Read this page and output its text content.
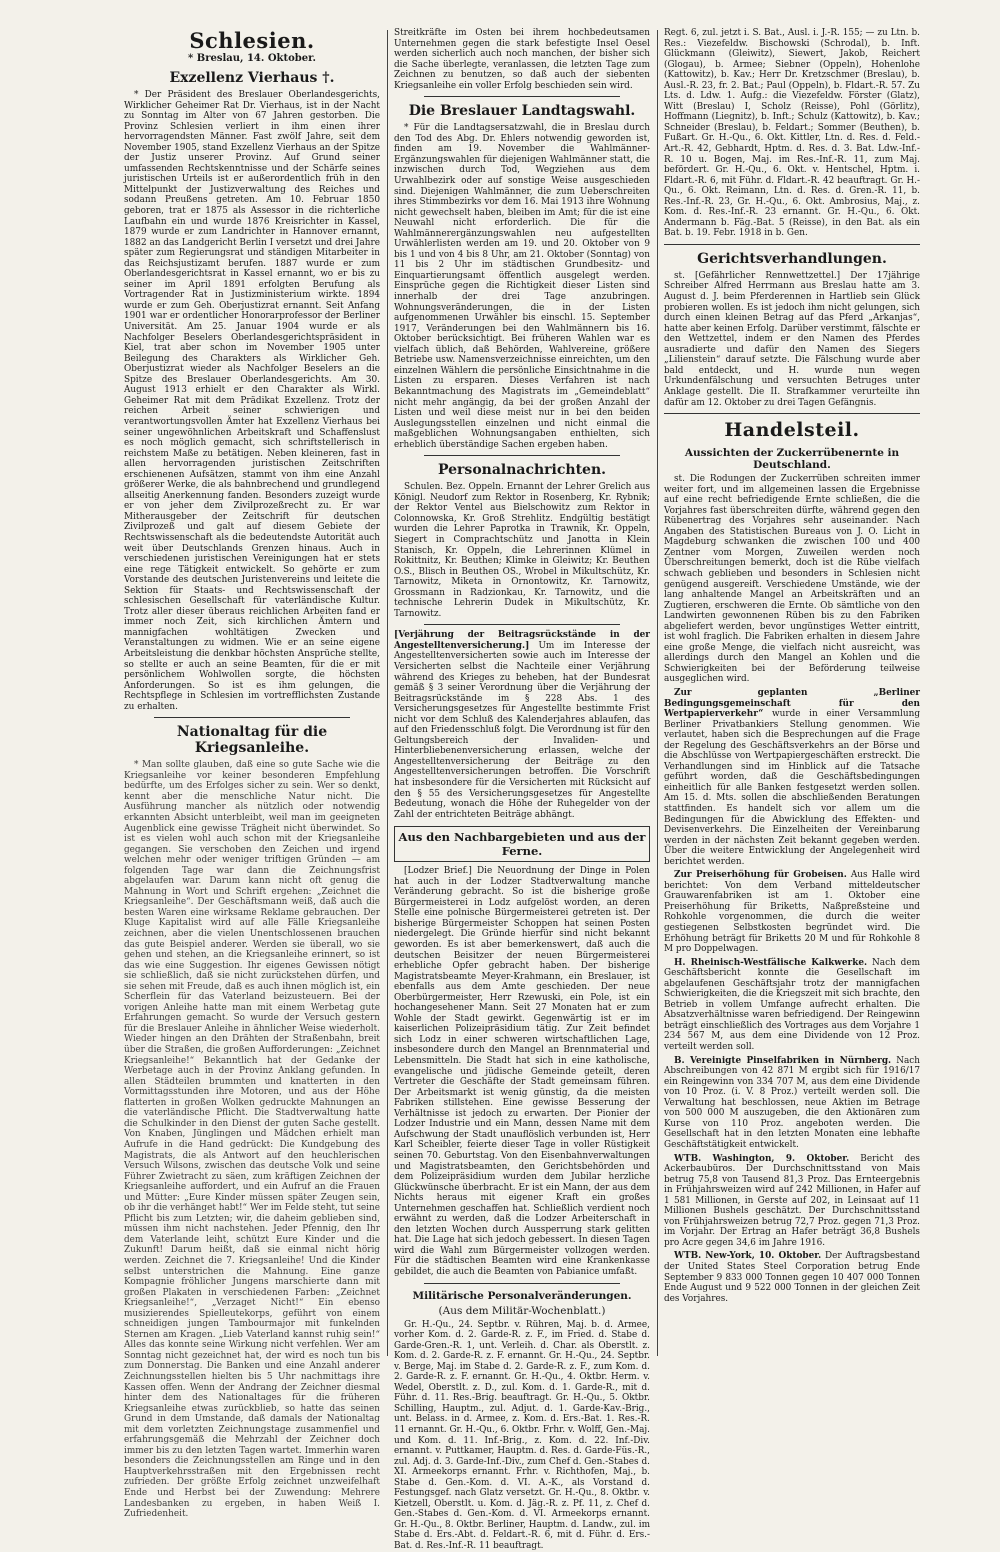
Schlesien.
* Breslau, 14. Oktober.
Exzellenz Vierhaus †.

* Der Präsident des Breslauer Oberlandesgerichts, Wirklicher Geheimer Rat Dr. Vierhaus, ist in der Nacht zu Sonntag im Alter von 67 Jahren gestorben. Die Provinz Schlesien verliert in ihm einen ihrer hervorragendsten Männer. Fast zwölf Jahre, seit dem November 1905, stand Exzellenz Vierhaus an der Spitze der Justiz unserer Provinz. Auf Grund seiner umfassenden Rechtskenntnisse und der Schärfe seines juristischen Urteils ist er außerordentlich früh in den Mittelpunkt der Justizverwaltung des Reiches und sodann Preußens getreten. Am 10. Februar 1850 geboren, trat er 1875 als Assessor in die richterliche Laufbahn ein und wurde 1876 Kreisrichter in Kassel, 1879 wurde er zum Landrichter in Hannover ernannt, 1882 an das Landgericht Berlin I versetzt und drei Jahre später zum Regierungsrat und ständigen Mitarbeiter in das Reichsjustizamt berufen. 1887 wurde er zum Oberlandesgerichtsrat in Kassel ernannt, wo er bis zu seiner im April 1891 erfolgten Berufung als Vortragender Rat in Justizministerium wirkte. 1894 wurde er zum Geh. Oberjustizrat ernannt. Seit Anfang 1901 war er ordentlicher Honorarprofessor der Berliner Universität. Am 25. Januar 1904 wurde er als Nachfolger Beselers Oberlandesgerichtspräsident in Kiel, trat aber schon im November 1905 unter Beilegung des Charakters als Wirklicher Geh. Oberjustizrat wieder als Nachfolger Beselers an die Spitze des Breslauer Oberlandesgerichts. Am 30. August 1913 erhielt er den Charakter als Wirkl. Geheimer Rat mit dem Prädikat Exzellenz. Trotz der reichen Arbeit seiner schwierigen und verantwortungsvollen Ämter hat Exzellenz Vierhaus bei seiner ungewöhnlichen Arbeitskraft und Schaffenslust es noch möglich gemacht, sich schriftstellerisch in reichstem Maße zu betätigen. Neben kleineren, fast in allen hervorragenden juristischen Zeitschriften erschienenen Aufsätzen, stammt von ihm eine Anzahl größerer Werke, die als bahnbrechend und grundlegend allseitig Anerkennung fanden. Besonders zuzeigt wurde er von jeher dem Zivilprozeßrecht zu. Er war Mitherausgeber der Zeitschrift für deutschen Zivilprozeß und galt auf diesem Gebiete der Rechtswissenschaft als die bedeutendste Autorität auch weit über Deutschlands Grenzen hinaus. Auch in verschiedenen juristischen Vereinigungen hat er stets eine rege Tätigkeit entwickelt. So gehörte er zum Vorstande des deutschen Juristenvereins und leitete die Sektion für Staats- und Rechtswissenschaft der schlesischen Gesellschaft für vaterländische Kultur. Trotz aller dieser überaus reichlichen Arbeiten fand er immer noch Zeit, sich kirchlichen Ämtern und mannigfachen wohltätigen Zwecken und Veranstaltungen zu widmen. Wie er an seine eigene Arbeitsleistung die denkbar höchsten Ansprüche stellte, so stellte er auch an seine Beamten, für die er mit persönlichem Wohlwollen sorgte, die höchsten Anforderungen. So ist es ihm gelungen, die Rechtspflege in Schlesien im vortrefflichsten Zustande zu erhalten.

Nationaltag für die Kriegsanleihe.

* Man sollte glauben, daß eine so gute Sache wie die Kriegsanleihe vor keiner besonderen Empfehlung bedürfte, um des Erfolges sicher zu sein. Wer so denkt, kennt aber die menschliche Natur nicht. Die Ausführung mancher als nützlich oder notwendig erkannten Absicht unterbleibt, weil man im geeigneten Augenblick eine gewisse Trägheit nicht überwindet. So ist es vielen wohl auch schon mit der Kriegsanleihe gegangen. Sie verschoben den Zeichen und irgend welchen mehr oder weniger triftigen Gründen — am folgenden Tage war dann die Zeichnungsfrist abgelaufen war. Darum kann nicht oft genug die Mahnung in Wort und Schrift ergehen: „Zeichnet die Kriegsanleihe“. Der Geschäftsmann weiß, daß auch die besten Waren eine wirksame Reklame gebrauchen. Der Kluge Kapitalist wird auf alle Fälle Kriegsanleihe zeichnen, aber die vielen Unentschlossenen brauchen das gute Beispiel anderer. Werden sie überall, wo sie gehen und stehen, an die Kriegsanleihe erinnert, so ist das wie eine Suggestion. Ihr eigenes Gewissen nötigt sie schließlich, daß sie nicht zurückstehen dürfen, und sie sehen mit Freude, daß es auch ihnen möglich ist, ein Scherflein für das Vaterland beizusteuern. Bei der vorigen Anleihe hatte man mit einem Werbetag gute Erfahrungen gemacht. So wurde der Versuch gestern für die Breslauer Anleihe in ähnlicher Weise wiederholt. Wieder hingen an den Drähten der Straßenbahn, breit über die Straßen, die großen Aufforderungen: „Zeichnet Kriegsanleihe!“ Bekanntlich hat der Gedanke der Werbetage auch in der Provinz Anklang gefunden. In allen Städteilen brummten und knatterten in den Vormittagsstunden ihre Motoren, und aus der Höhe flatterten in großen Wolken gedruckte Mahnungen an die vaterländische Pflicht. Die Stadtverwaltung hatte die Schulkinder in den Dienst der guten Sache gestellt. Von Knaben, Jünglingen und Mädchen erhielt man Aufrufe in die Hand gedrückt: Die Kundgebung des Magistrats, die als Antwort auf den heuchlerischen Versuch Wilsons, zwischen das deutsche Volk und seine Führer Zwietracht zu säen, zum kräftigen Zeichnen der Kriegsanleihe auffordert, und ein Aufruf an die Frauen und Mütter: „Eure Kinder müssen später Zeugen sein, ob ihr die verhänget habt!“ Wer im Felde steht, tut seine Pflicht bis zum Letzten; wir, die daheim geblieben sind, müssen ihm nicht nachstehen. Jeder Pfennig, den Ihr dem Vaterlande leiht, schützt Eure Kinder und die Zukunft! Darum heißt, daß sie einmal nicht hörig werden. Zeichnet die 7. Kriegsanleihe! Und die Kinder selbst unterstrichen die Mahnung. Eine ganze Kompagnie fröhlicher Jungens marschierte dann mit großen Plakaten in verschiedenen Farben: „Zeichnet Kriegsanleihe!“, „Verzaget Nicht!“ Ein ebenso musizierendes Spielleutekorps, geführt von einem schneidigen jungen Tambourmajor mit funkelnden Sternen am Kragen. „Lieb Vaterland kannst ruhig sein!“ Alles das konnte seine Wirkung nicht verfehlen. Wer am Sonntag nicht gezeichnet hat, der wird es noch tun bis zum Donnerstag. Die Banken und eine Anzahl anderer Zeichnungsstellen hielten bis 5 Uhr nachmittags ihre Kassen offen. Wenn der Andrang der Zeichner diesmal hinter dem des Nationaltages für die früheren Kriegsanleihe etwas zurückblieb, so hatte das seinen Grund in dem Umstande, daß damals der Nationaltag mit dem vorletzten Zeichnungstage zusammenfiel und erfahrungsgemäß die Mehrzahl der Zeichner doch immer bis zu den letzten Tagen wartet. Immerhin waren besonders die Zeichnungsstellen am Ringe und in den Hauptverkehrsstraßen mit den Ergebnissen recht zufrieden. Der größte Erfolg zeichnet unzweifelhaft Ende und Herbst bei der Zuwendung: Mehrere Landesbanken zu ergeben, in haben Weiß I. Zufriedenheit.

Streitkräfte im Osten bei ihrem hochbedeutsamen Unternehmen gegen die stark befestigte Insel Oesel werden sicherlich auch noch manchen, der bisher sich die Sache überlegte, veranlassen, die letzten Tage zum Zeichnen zu benutzen, so daß auch der siebenten Kriegsanleihe ein voller Erfolg beschieden sein wird.

Die Breslauer Landtagswahl.

* Für die Landtagsersatzwahl, die in Breslau durch den Tod des Abg. Dr. Ehlers notwendig geworden ist, finden am 19. November die Wahlmänner-Ergänzungswahlen für diejenigen Wahlmänner statt, die inzwischen durch Tod, Wegziehen aus dem Urwahlbezirk oder auf sonstige Weise ausgeschieden sind. Diejenigen Wahlmänner, die zum Ueberschreiten ihres Stimmbezirks vor dem 16. Mai 1913 ihre Wohnung nicht gewechselt haben, bleiben im Amt; für die ist eine Neuwahl nicht erforderlich. Die für die Wahlmännerergänzungswahlen neu aufgestellten Urwählerlisten werden am 19. und 20. Oktober von 9 bis 1 und von 4 bis 8 Uhr, am 21. Oktober (Sonntag) von 11 bis 2 Uhr im städtischen Grundbesitz- und Einquartierungsamt öffentlich ausgelegt werden. Einsprüche gegen die Richtigkeit dieser Listen sind innerhalb der drei Tage anzubringen. Wohnungsveränderungen, die in der Listen aufgenommenen Urwähler bis einschl. 15. September 1917, Veränderungen bei den Wahlmännern bis 16. Oktober berücksichtigt. Bei früheren Wahlen war es vielfach üblich, daß Behörden, Wahlvereine, größere Betriebe usw. Namensverzeichnisse einreichten, um den einzelnen Wählern die persönliche Einsichtnahme in die Listen zu ersparen. Dieses Verfahren ist nach Bekanntmachung des Magistrats im „Gemeindeblatt“ nicht mehr angängig, da bei der großen Anzahl der Listen und weil diese meist nur in bei den beiden Auslegungsstellen einzelnen und nicht einmal die maßgeblichen Wohnungsangaben enthielten, sich erheblich überständige Sachen ergeben haben.

Personalnachrichten.

Schulen. Bez. Oppeln. Ernannt der Lehrer Grelich aus Königl. Neudorf zum Rektor in Rosenberg, Kr. Rybnik; der Rektor Ventel aus Bielschowitz zum Rektor in Colonnowska, Kr. Groß Strehlitz. Endgültig bestätigt wurden die Lehrer Paprotka in Trawnik, Kr. Oppeln, Siegert in Comprachtschütz und Janotta in Klein Stanisch, Kr. Oppeln, die Lehrerinnen Klümel in Rokittnitz, Kr. Beuthen; Klimke in Gleiwitz; Kr. Beuthen O.S., Blisch in Beuthen OS., Wrobel in Mikultschütz, Kr. Tarnowitz, Miketa in Ornontowitz, Kr. Tarnowitz, Grossmann in Radzionkau, Kr. Tarnowitz, und die technische Lehrerin Dudek in Mikultschütz, Kr. Tarnowitz.

[Verjährung der Beitragsrückstände in der Angestelltenversicherung.] Um im Interesse der Angestelltenversicherten sowie auch im Interesse der Versicherten selbst die Nachteile einer Verjährung während des Krieges zu beheben, hat der Bundesrat gemäß § 3 seiner Verordnung über die Verjährung der Beitragsrückstände im § 228 Abs. 1 des Versicherungsgesetzes für Angestellte bestimmte Frist nicht vor dem Schluß des Kalenderjahres ablaufen, das auf den Friedensschluß folgt. Die Verordnung ist für den Geltungsbereich der Invaliden- und Hinterbliebenenversicherung erlassen, welche der Angestelltenversicherung der Beiträge zu den Angestelltenversicherungen betroffen. Die Vorschrift hat insbesondere für die Versicherten mit Rücksicht auf den § 55 des Versicherungsgesetzes für Angestellte Bedeutung, wonach die Höhe der Ruhegelder von der Zahl der entrichteten Beiträge abhängt.

Aus den Nachbargebieten und aus der Ferne.

[Lodzer Brief.] Die Neuordnung der Dinge in Polen hat auch in der Lodzer Stadtverwaltung manche Veränderung gebracht. So ist die bisherige große Bürgermeisterei in Lodz aufgelöst worden, an deren Stelle eine polnische Bürgermeisterei getreten ist. Der bisherige Bürgermeister Schoppen hat seinen Posten niedergelegt. Die Gründe hierfür sind nicht bekannt geworden. Es ist aber bemerkenswert, daß auch die deutschen Beisitzer der neuen Bürgermeisterei erhebliche Opfer gebracht haben. Der bisherige Magistratsbeamte Meyer-Krahmann, ein Breslauer, ist ebenfalls aus dem Amte geschieden. Der neue Oberbürgermeister, Herr Rzewuski, ein Pole, ist ein hochangesehener Mann. Seit 27 Monaten hat er zum Wohle der Stadt gewirkt. Gegenwärtig ist er im kaiserlichen Polizeipräsidium tätig. Zur Zeit befindet sich Lodz in einer schweren wirtschaftlichen Lage, insbesondere durch den Mangel an Brennmaterial und Lebensmitteln. Die Stadt hat sich in eine katholische, evangelische und jüdische Gemeinde geteilt, deren Vertreter die Geschäfte der Stadt gemeinsam führen. Der Arbeitsmarkt ist wenig günstig, da die meisten Fabriken stillstehen. Eine gewisse Besserung der Verhältnisse ist jedoch zu erwarten. Der Pionier der Lodzer Industrie und ein Mann, dessen Name mit dem Aufschwung der Stadt unauflöslich verbunden ist, Herr Karl Scheibler, feierte dieser Tage in voller Rüstigkeit seinen 70. Geburtstag. Von den Eisenbahnverwaltungen und Magistratsbeamten, den Gerichtsbehörden und dem Polizeipräsidium wurden dem Jubilar herzliche Glückwünsche überbracht. Er ist ein Mann, der aus dem Nichts heraus mit eigener Kraft ein großes Unternehmen geschaffen hat. Schließlich verdient noch erwähnt zu werden, daß die Lodzer Arbeiterschaft in den letzten Wochen durch Aussperrung stark gelitten hat. Die Lage hat sich jedoch gebessert. In diesen Tagen wird die Wahl zum Bürgermeister vollzogen werden. Für die städtischen Beamten wird eine Krankenkasse gebildet, die auch die Beamten von Pabianice umfaßt.

Militärische Personalveränderungen.
(Aus dem Militär-Wochenblatt.)

Gr. H.-Qu., 24. Septbr. v. Rühren, Maj. b. d. Armee, vorher Kom. d. 2. Garde-R. z. F., im Fried. d. Stabe d. Garde-Gren.-R. 1, unt. Verleih. d. Char. als Oberstlt. z. Kom. d. 2. Garde-R. z. F. ernannt. Gr. H.-Qu., 24. Septbr. v. Berge, Maj. im Stabe d. 2. Garde-R. z. F., zum Kom. d. 2. Garde-R. z. F. ernannt. Gr. H.-Qu., 4. Oktbr. Herm. v. Wedel, Oberstlt. z. D., zul. Kom. d. 1. Garde-R., mit d. Führ. d. 11. Res.-Brig. beauftragt. Gr. H.-Qu., 5. Oktbr. Schilling, Hauptm., zul. Adjut. d. 1. Garde-Kav.-Brig., unt. Belass. in d. Armee, z. Kom. d. Ers.-Bat. 1. Res.-R. 11 ernannt. Gr. H.-Qu., 6. Oktbr. Frhr. v. Wolff, Gen.-Maj. und Kom. d. 11. Inf.-Brig., z. Kom. d. 22. Inf.-Div. ernannt. v. Puttkamer, Hauptm. d. Res. d. Garde-Füs.-R., zul. Adj. d. 3. Garde-Inf.-Div., zum Chef d. Gen.-Stabes d. XI. Armeekorps ernannt. Frhr. v. Richthofen, Maj., b. Stabe d. Gen.-Kom. d. VI. A.-K., als Vorstand d. Festungsgef. nach Glatz versetzt. Gr. H.-Qu., 8. Oktbr. v. Kietzell, Oberstlt. u. Kom. d. Jäg.-R. z. Pf. 11, z. Chef d. Gen.-Stabes d. Gen.-Kom. d. VI. Armeekorps ernannt. Gr. H.-Qu., 8. Oktbr. Berliner, Hauptm. d. Landw., zul. im Stabe d. Ers.-Abt. d. Feldart.-R. 6, mit d. Führ. d. Ers.-Bat. d. Res.-Inf.-R. 11 beauftragt.

Regt. 6, zul. jetzt i. S. Bat., Ausl. i. J.-R. 155; — zu Ltn. b. Res.: Viezefeldw. Bischowski (Schrodal), b. Inft. Glückmann (Gleiwitz), Siewert, Jakob, Reichert (Glogau), b. Armee; Siebner (Oppeln), Hohenlohe (Kattowitz), b. Kav.; Herr Dr. Kretzschmer (Breslau), b. Ausl.-R. 23, fr. 2. Bat.; Paul (Oppeln), b. Fldart.-R. 57. Zu Lts. d. Ldw. 1. Aufg.: die Viezefeldw. Förster (Glatz), Witt (Breslau) I, Scholz (Reisse), Pohl (Görlitz), Hoffmann (Liegnitz), b. Inft.; Schulz (Kattowitz), b. Kav.; Schneider (Breslau), b. Feldart.; Sommer (Beuthen), b. Fußart. Gr. H.-Qu., 6. Okt. Kittler, Ltn. d. Res. d. Feld.-Art.-R. 42, Gebhardt, Hptm. d. Res. d. 3. Bat. Ldw.-Inf.-R. 10 u. Bogen, Maj. im Res.-Inf.-R. 11, zum Maj. befördert. Gr. H.-Qu., 6. Okt. v. Hentschel, Hptm. i. Fldart.-R. 6, mit Führ. d. Fldart.-R. 42 beauftragt. Gr. H.-Qu., 6. Okt. Reimann, Ltn. d. Res. d. Gren.-R. 11, b. Res.-Inf.-R. 23, Gr. H.-Qu., 6. Okt. Ambrosius, Maj., z. Kom. d. Res.-Inf.-R. 23 ernannt. Gr. H.-Qu., 6. Okt. Andermann b. Fäg.-Bat. 5 (Reisse), in den Bat. als ein Bat. b. 19. Febr. 1918 in b. Gen.

Gerichtsverhandlungen.

st. [Gefährlicher Rennwettzettel.] Der 17jährige Schreiber Alfred Herrmann aus Breslau hatte am 3. August d. J. beim Pferderennen in Hartlieb sein Glück probieren wollen. Es ist jedoch ihm nicht gelungen, sich durch einen kleinen Betrag auf das Pferd „Arkanjas“, hatte aber keinen Erfolg. Darüber verstimmt, fälschte er den Wettzettel, indem er den Namen des Pferdes ausradierte und dafür den Namen des Siegers „Lilienstein“ darauf setzte. Die Fälschung wurde aber bald entdeckt, und H. wurde nun wegen Urkundenfälschung und versuchten Betruges unter Anklage gestellt. Die II. Strafkammer verurteilte ihn dafür am 12. Oktober zu drei Tagen Gefängnis.

Handelsteil.
Aussichten der Zuckerrübenernte in Deutschland.

st. Die Rodungen der Zuckerrüben schreiten immer weiter fort, und im allgemeinen lassen die Ergebnisse auf eine recht befriedigende Ernte schließen, die die Vorjahres fast überschreiten dürfte, während gegen den Rübenertrag des Vorjahres sehr auseinander. Nach Angaben des Statistischen Bureaus von J. O. Licht in Magdeburg schwanken die zwischen 100 und 400 Zentner vom Morgen, Zuweilen werden noch Überschreitungen bemerkt, doch ist die Rübe vielfach schwach geblieben und besonders in Schlesien nicht genügend ausgereift. Verschiedene Umstände, wie der lang anhaltende Mangel an Arbeitskräften und an Zugtieren, erschweren die Ernte. Ob sämtliche von den Landwirten gewonnenen Rüben bis zu den Fabriken abgeliefert werden, bevor ungünstiges Wetter eintritt, ist wohl fraglich. Die Fabriken erhalten in diesem Jahre eine große Menge, die vielfach nicht ausreicht, was allerdings durch den Mangel an Kohlen und die Schwierigkeiten bei der Beförderung teilweise ausgeglichen wird.

Zur geplanten „Berliner Bedingungsgemeinschaft für den Wertpapierverkehr“ wurde in einer Versammlung Berliner Privatbankiers Stellung genommen. Wie verlautet, haben sich die Besprechungen auf die Frage der Regelung des Geschäftsverkehrs an der Börse und die Abschlüsse von Wertpapiergeschäften erstreckt. Die Verhandlungen sind im Hinblick auf die Tatsache geführt worden, daß die Geschäftsbedingungen einheitlich für alle Banken festgesetzt werden sollen. Am 15. d. Mts. sollen die abschließenden Beratungen stattfinden. Es handelt sich vor allem um die Bedingungen für die Abwicklung des Effekten- und Devisenverkehrs. Die Einzelheiten der Vereinbarung werden in der nächsten Zeit bekannt gegeben werden. Über die weitere Entwicklung der Angelegenheit wird berichtet werden.

Zur Preiserhöhung für Grobeisen. Aus Halle wird berichtet: Von dem Verband mitteldeutscher Grauwarenfabriken ist am 1. Oktober eine Preiserhöhung für Briketts, Naßpreßsteine und Rohkohle vorgenommen, die durch die weiter gestiegenen Selbstkosten begründet wird. Die Erhöhung beträgt für Briketts 20 M und für Rohkohle 8 M pro Doppelwagen.

H. Rheinisch-Westfälische Kalkwerke. Nach dem Geschäftsbericht konnte die Gesellschaft im abgelaufenen Geschäftsjahr trotz der mannigfachen Schwierigkeiten, die die Kriegszeit mit sich brachte, den Betrieb in vollem Umfange aufrecht erhalten. Die Absatzverhältnisse waren befriedigend. Der Reingewinn beträgt einschließlich des Vortrages aus dem Vorjahre 1 234 567 M, aus dem eine Dividende von 12 Proz. verteilt werden soll.

B. Vereinigte Pinselfabriken in Nürnberg. Nach Abschreibungen von 42 871 M ergibt sich für 1916/17 ein Reingewinn von 334 707 M, aus dem eine Dividende von 10 Proz. (i. V. 8 Proz.) verteilt werden soll. Die Verwaltung hat beschlossen, neue Aktien im Betrage von 500 000 M auszugeben, die den Aktionären zum Kurse von 110 Proz. angeboten werden. Die Gesellschaft hat in den letzten Monaten eine lebhafte Geschäftstätigkeit entwickelt.

WTB. Washington, 9. Oktober. Bericht des Ackerbaubüros. Der Durchschnittsstand von Mais betrug 75,8 von Tausend 81,3 Proz. Das Ernteergebnis in Frühjahrsweizen wird auf 242 Millionen, in Hafer auf 1 581 Millionen, in Gerste auf 202, in Leinsaat auf 11 Millionen Bushels geschätzt. Der Durchschnittsstand von Frühjahrsweizen betrug 72,7 Proz. gegen 71,3 Proz. im Vorjahr. Der Ertrag an Hafer beträgt 36,8 Bushels pro Acre gegen 34,6 im Jahre 1916.

WTB. New-York, 10. Oktober. Der Auftragsbestand der United States Steel Corporation betrug Ende September 9 833 000 Tonnen gegen 10 407 000 Tonnen Ende August und 9 522 000 Tonnen in der gleichen Zeit des Vorjahres.
